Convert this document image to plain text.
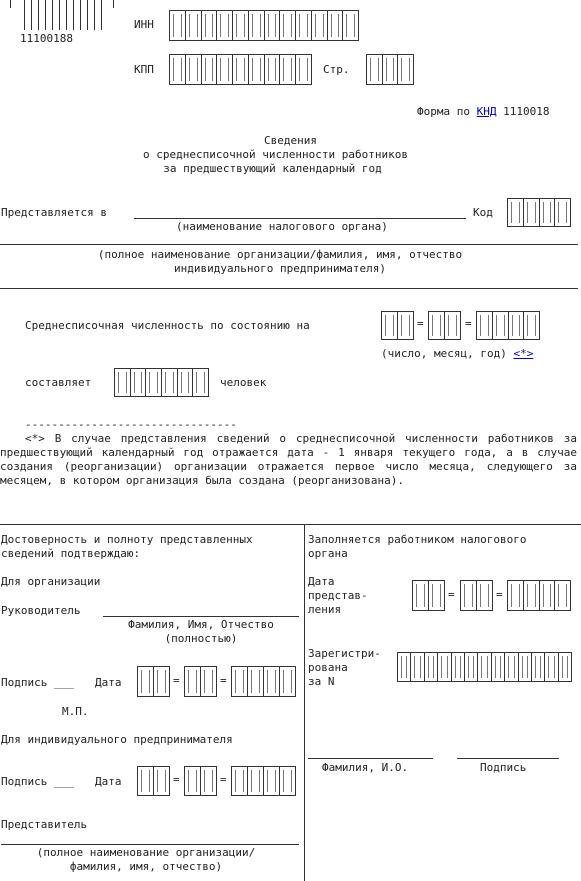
11100188
ИНН
КПП	Стр.
Форма по КНД 1110018
Сведения
о среднесписочной численности работников
за предшествующий календарный год
Представляется в	Код
(наименование налогового органа)
(полное наименование организации/фамилия, имя, отчество
индивидуального предпринимателя)
Среднесписочная численность по состоянию на	=	=
(число, месяц, год) <*>
составляет	человек
--------------------------------
<*> В случае представления сведений о среднесписочной численности работников за предшествующий календарный год отражается дата - 1 января текущего года, а в случае создания (реорганизации) организации отражается первое число месяца, следующего за месяцем, в котором организация была создана (реорганизована).
Достоверность и полноту представленных
сведений подтверждаю:
Для организации
Руководитель
Фамилия, Имя, Отчество
(полностью)
Подпись ___ Дата	=	=
М.П.
Для индивидуального предпринимателя
Подпись ___ Дата	=	=
Представитель
(полное наименование организации/
фамилия, имя, отчество)
Заполняется работником налогового
органа
Дата
представ-
ления
=	=
Зарегистри-
рована
за N
Фамилия, И.О.	Подпись
